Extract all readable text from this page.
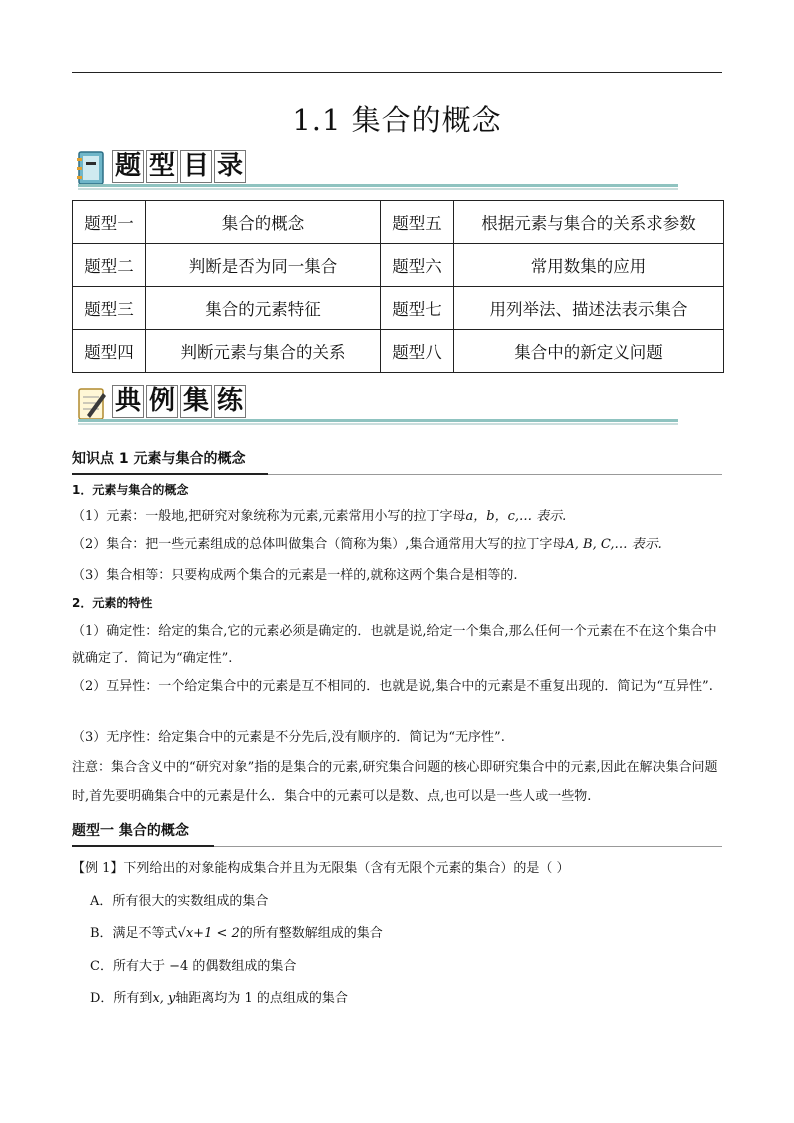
1.1 集合的概念
题 型 目 录
题型一	集合的概念	题型五	根据元素与集合的关系求参数
题型二	判断是否为同一集合	题型六	常用数集的应用
题型三	集合的元素特征	题型七	用列举法、描述法表示集合
题型四	判断元素与集合的关系	题型八	集合中的新定义问题
典 例 集 练
知识点 1 元素与集合的概念
1．元素与集合的概念
（1）元素：一般地,把研究对象统称为元素,元素常用小写的拉丁字母a，b，c,… 表示.
（2）集合：把一些元素组成的总体叫做集合（简称为集）,集合通常用大写的拉丁字母A, B, C,… 表示.
（3）集合相等：只要构成两个集合的元素是一样的,就称这两个集合是相等的.
2．元素的特性
（1）确定性：给定的集合,它的元素必须是确定的．也就是说,给定一个集合,那么任何一个元素在不在这个集合中就确定了．简记为“确定性”.
（2）互异性：一个给定集合中的元素是互不相同的．也就是说,集合中的元素是不重复出现的．简记为“互异性”.
（3）无序性：给定集合中的元素是不分先后,没有顺序的．简记为“无序性”.
注意：集合含义中的“研究对象”指的是集合的元素,研究集合问题的核心即研究集合中的元素,因此在解决集合问题时,首先要明确集合中的元素是什么．集合中的元素可以是数、点,也可以是一些人或一些物.
题型一 集合的概念
【例 1】下列给出的对象能构成集合并且为无限集（含有无限个元素的集合）的是（ ）
A．所有很大的实数组成的集合
B．满足不等式√x+1 < 2的所有整数解组成的集合
C．所有大于 −4 的偶数组成的集合
D．所有到x, y轴距离均为 1 的点组成的集合
